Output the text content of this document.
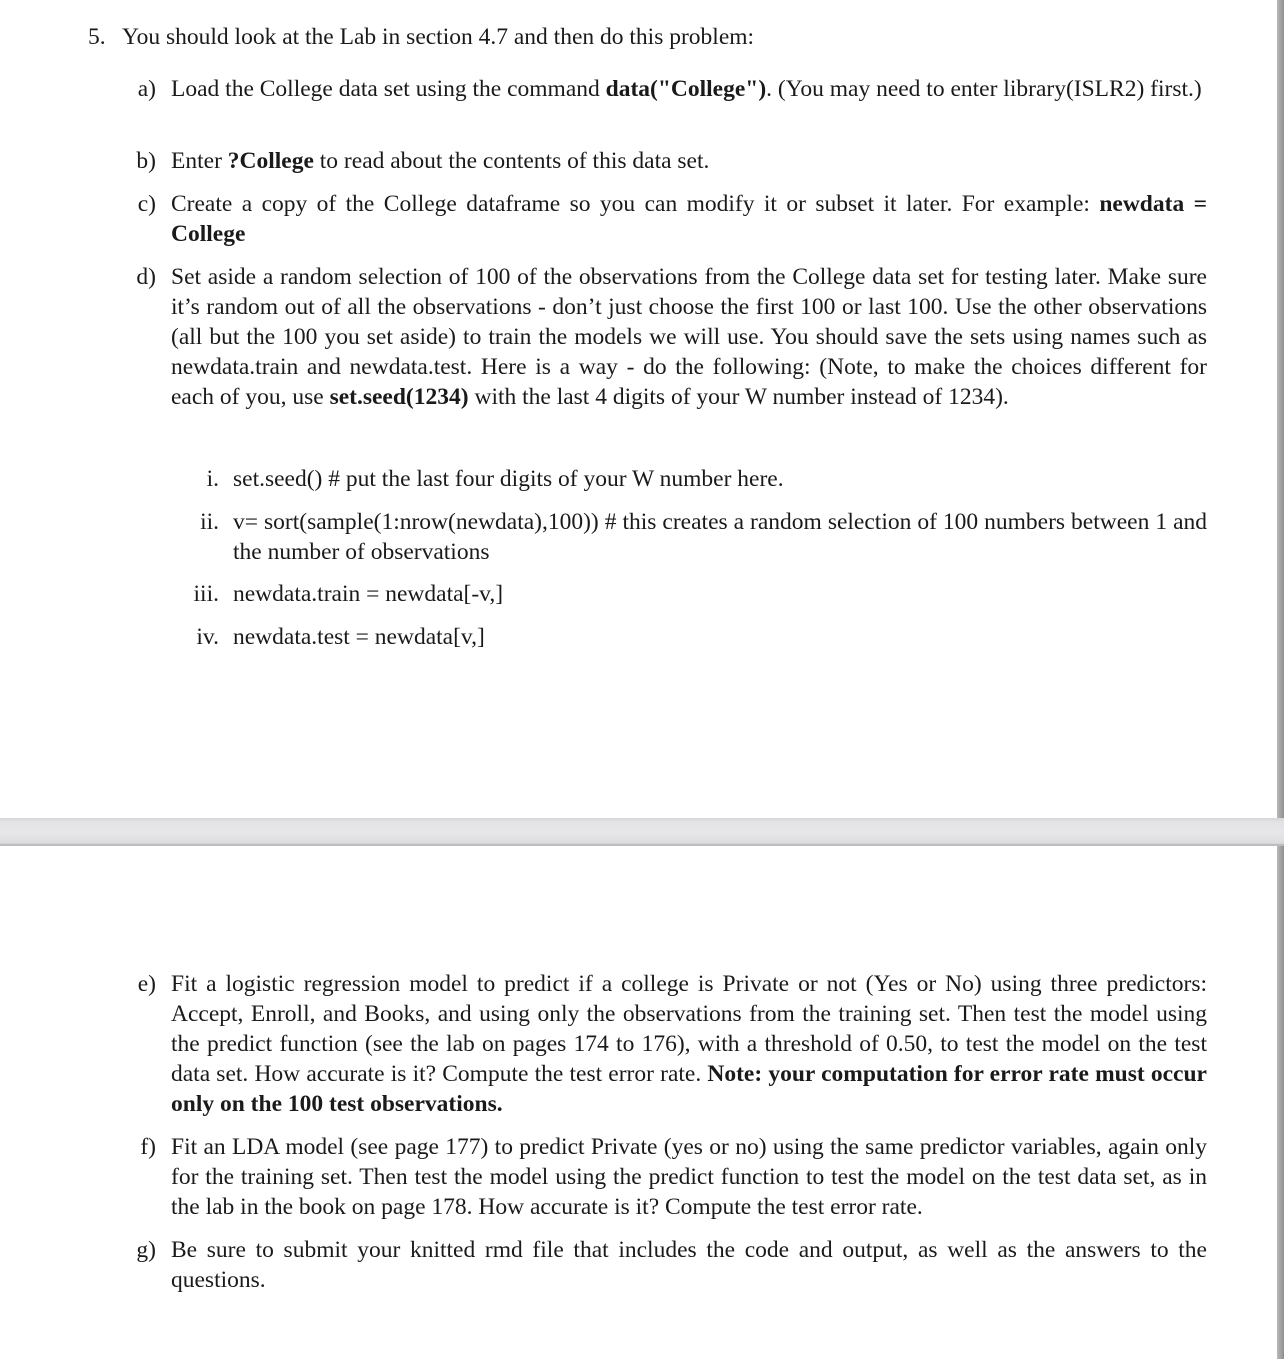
5. You should look at the Lab in section 4.7 and then do this problem:
a) Load the College data set using the command data("College"). (You may need to enter library(ISLR2) first.)
b) Enter ?College to read about the contents of this data set.
c) Create a copy of the College dataframe so you can modify it or subset it later. For example: newdata = College
d) Set aside a random selection of 100 of the observations from the College data set for testing later. Make sure it’s random out of all the observations - don’t just choose the first 100 or last 100. Use the other observations (all but the 100 you set aside) to train the models we will use. You should save the sets using names such as newdata.train and newdata.test. Here is a way - do the following: (Note, to make the choices different for each of you, use set.seed(1234) with the last 4 digits of your W number instead of 1234).
i. set.seed() # put the last four digits of your W number here.
ii. v= sort(sample(1:nrow(newdata),100)) # this creates a random selection of 100 numbers between 1 and the number of observations
iii. newdata.train = newdata[-v,]
iv. newdata.test = newdata[v,]
e) Fit a logistic regression model to predict if a college is Private or not (Yes or No) using three predictors: Accept, Enroll, and Books, and using only the observations from the training set. Then test the model using the predict function (see the lab on pages 174 to 176), with a threshold of 0.50, to test the model on the test data set. How accurate is it? Compute the test error rate. Note: your computation for error rate must occur only on the 100 test observations.
f) Fit an LDA model (see page 177) to predict Private (yes or no) using the same predictor variables, again only for the training set. Then test the model using the predict function to test the model on the test data set, as in the lab in the book on page 178. How accurate is it? Compute the test error rate.
g) Be sure to submit your knitted rmd file that includes the code and output, as well as the answers to the questions.
